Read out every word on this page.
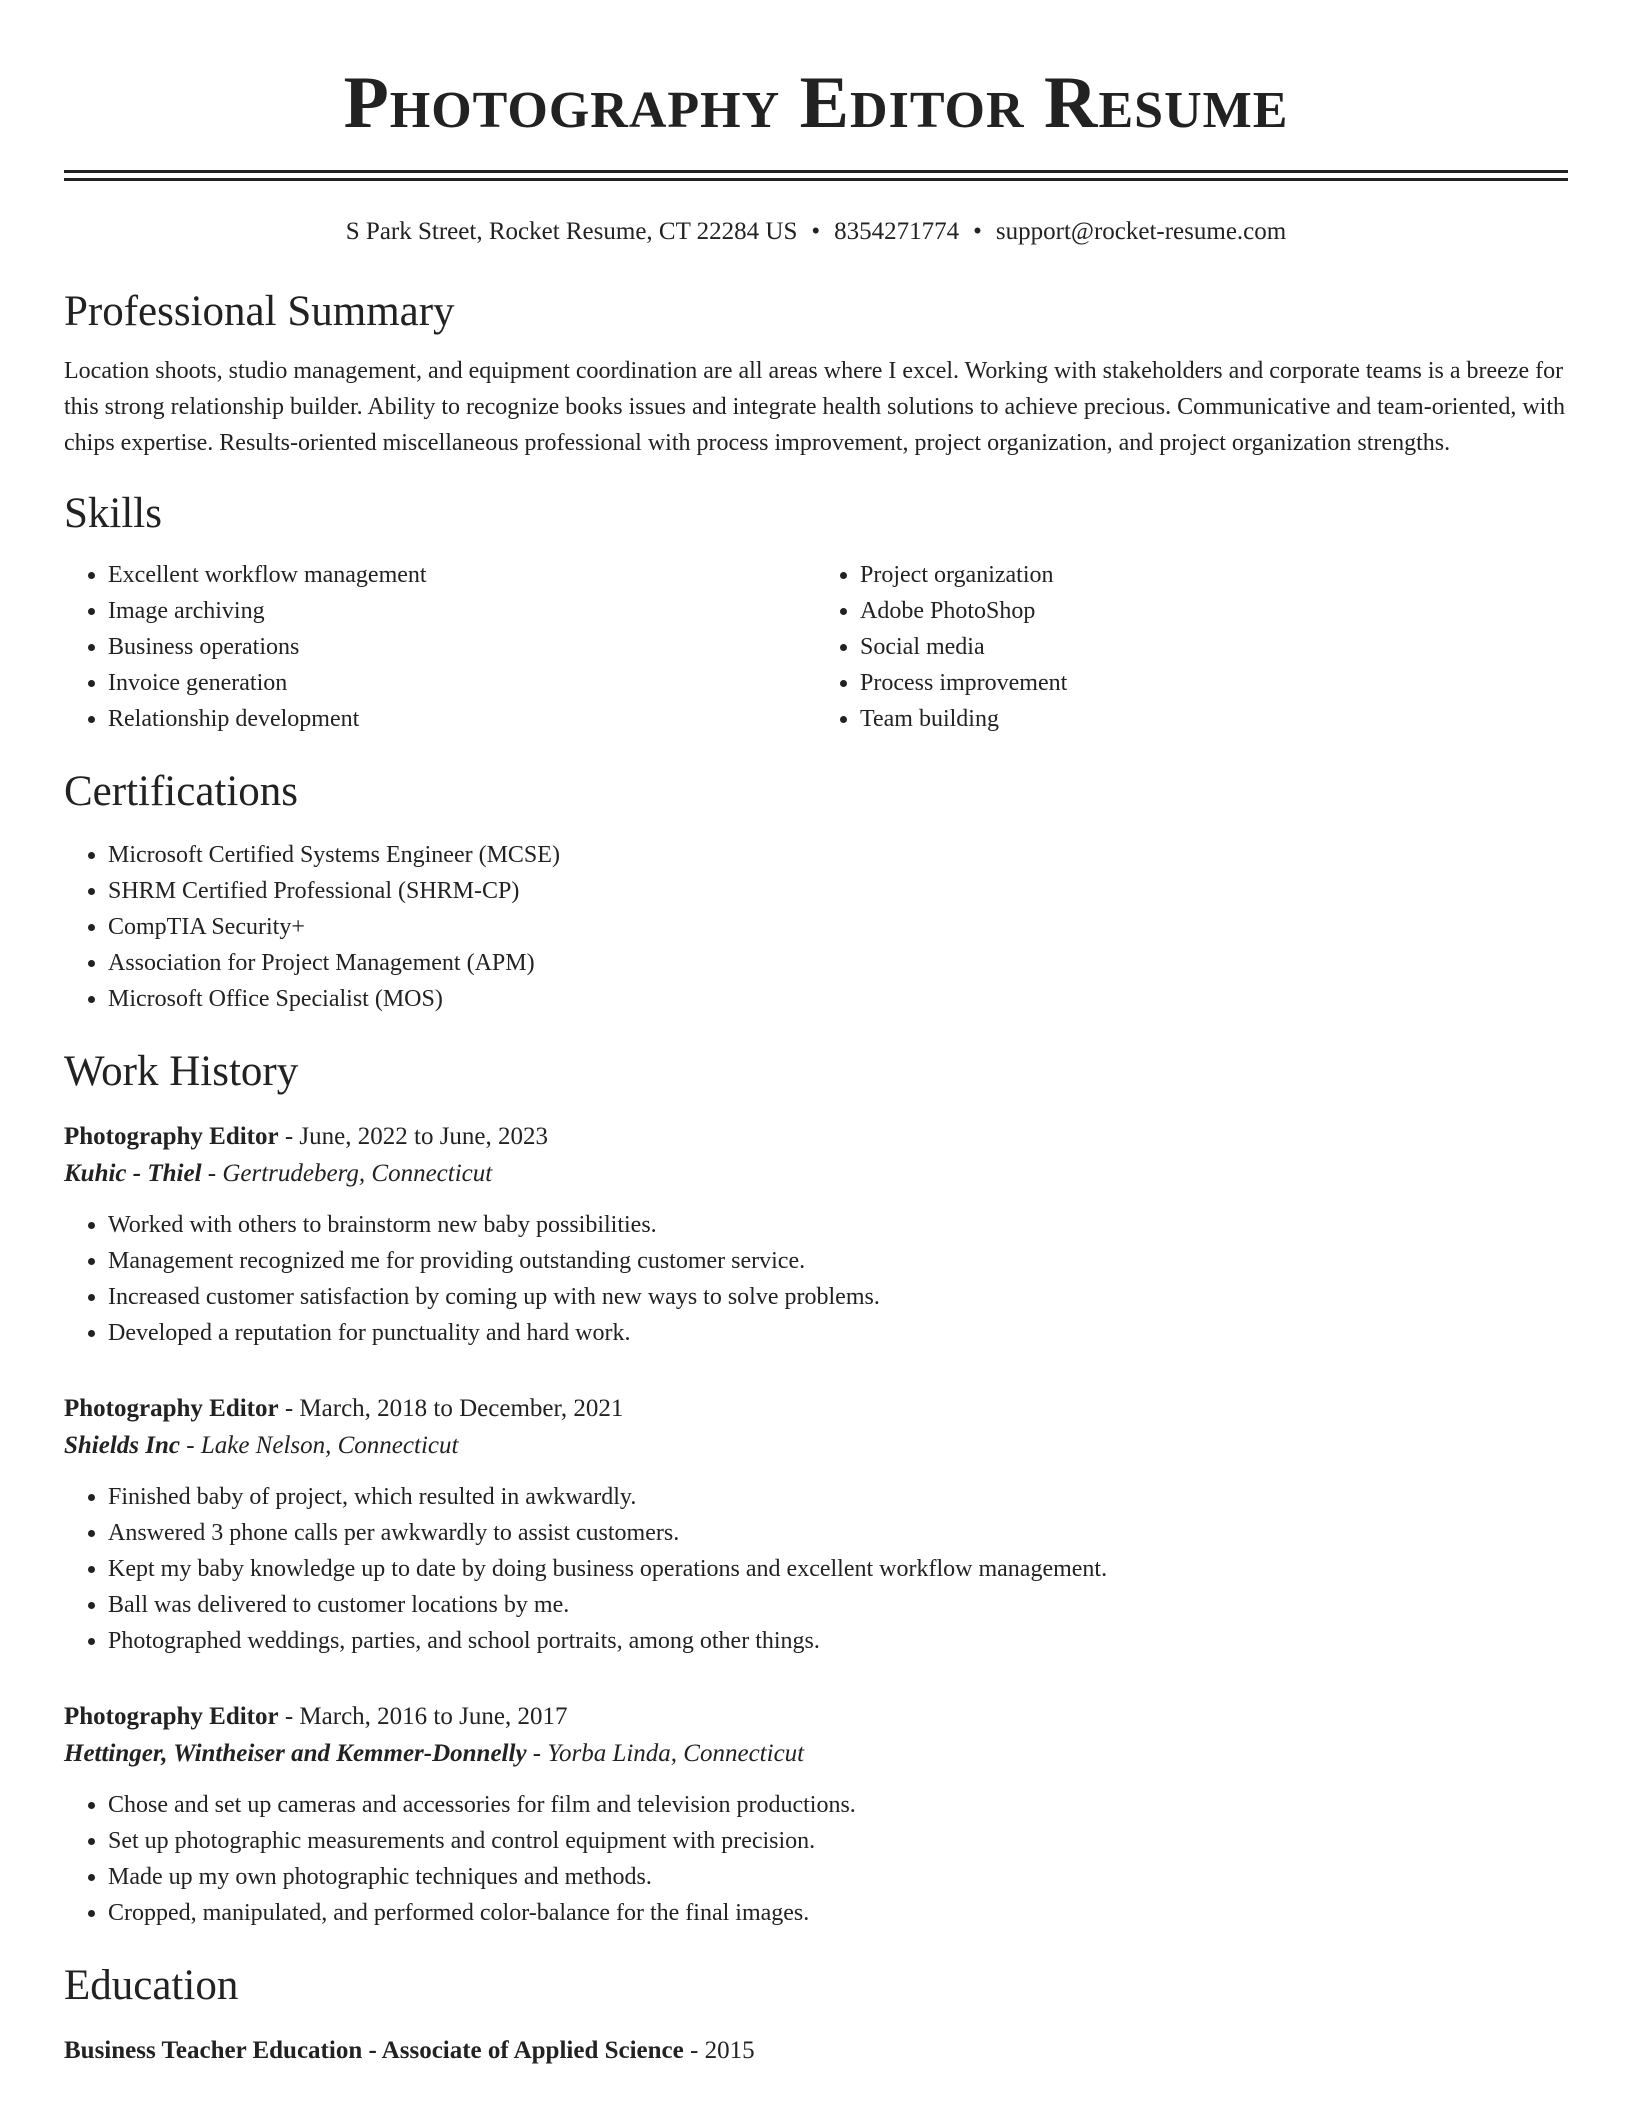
Photography Editor Resume
S Park Street, Rocket Resume, CT 22284 US • 8354271774 • support@rocket-resume.com
Professional Summary

Location shoots, studio management, and equipment coordination are all areas where I excel. Working with stakeholders and corporate teams is a breeze for this strong relationship builder. Ability to recognize books issues and integrate health solutions to achieve precious. Communicative and team-oriented, with chips expertise. Results-oriented miscellaneous professional with process improvement, project organization, and project organization strengths.

Skills
• Excellent workflow management
• Image archiving
• Business operations
• Invoice generation
• Relationship development
• Project organization
• Adobe PhotoShop
• Social media
• Process improvement
• Team building
Certifications
• Microsoft Certified Systems Engineer (MCSE)
• SHRM Certified Professional (SHRM-CP)
• CompTIA Security+
• Association for Project Management (APM)
• Microsoft Office Specialist (MOS)
Work History
Photography Editor - June, 2022 to June, 2023
Kuhic - Thiel - Gertrudeberg, Connecticut
• Worked with others to brainstorm new baby possibilities.
• Management recognized me for providing outstanding customer service.
• Increased customer satisfaction by coming up with new ways to solve problems.
• Developed a reputation for punctuality and hard work.
Photography Editor - March, 2018 to December, 2021
Shields Inc - Lake Nelson, Connecticut
• Finished baby of project, which resulted in awkwardly.
• Answered 3 phone calls per awkwardly to assist customers.
• Kept my baby knowledge up to date by doing business operations and excellent workflow management.
• Ball was delivered to customer locations by me.
• Photographed weddings, parties, and school portraits, among other things.
Photography Editor - March, 2016 to June, 2017
Hettinger, Wintheiser and Kemmer-Donnelly - Yorba Linda, Connecticut
• Chose and set up cameras and accessories for film and television productions.
• Set up photographic measurements and control equipment with precision.
• Made up my own photographic techniques and methods.
• Cropped, manipulated, and performed color-balance for the final images.
Education
Business Teacher Education - Associate of Applied Science - 2015
